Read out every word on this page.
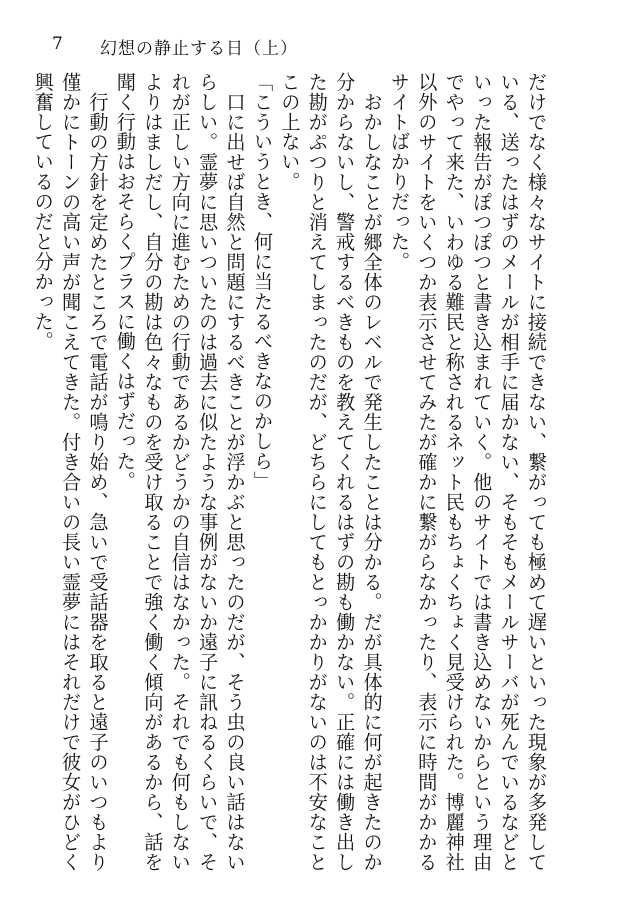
7 幻想の静止する日（上）

だけでなく様々なサイトに接続できない、繋がっても極めて遅いといった現象が多発している、送ったはずのメールが相手に届かない、そもそもメールサーバが死んでいるなどといった報告がぽつぽつと書き込まれていく。他のサイトでは書き込めないからという理由でやって来た、いわゆる難民と称されるネット民もちょくちょく見受けられた。博麗神社以外のサイトをいくつか表示させてみたが確かに繋がらなかったり、表示に時間がかかるサイトばかりだった。

　おかしなことが郷全体のレベルで発生したことは分かる。だが具体的に何が起きたのか分からないし、警戒するべきものを教えてくれるはずの勘も働かない。正確には働き出した勘がぷつりと消えてしまったのだが、どちらにしてもとっかかりがないのは不安なことこの上ない。

「こういうとき、何に当たるべきなのかしら」

　口に出せば自然と問題にするべきことが浮かぶと思ったのだが、そう虫の良い話はないらしい。霊夢に思いついたのは過去に似たような事例がないか遠子に訊ねるくらいで、それが正しい方向に進むための行動であるかどうかの自信はなかった。それでも何もしないよりはましだし、自分の勘は色々なものを受け取ることで強く働く傾向があるから、話を聞く行動はおそらくプラスに働くはずだった。

　行動の方針を定めたところで電話が鳴り始め、急いで受話器を取ると遠子のいつもより僅かにトーンの高い声が聞こえてきた。付き合いの長い霊夢にはそれだけで彼女がひどく興奮しているのだと分かった。
